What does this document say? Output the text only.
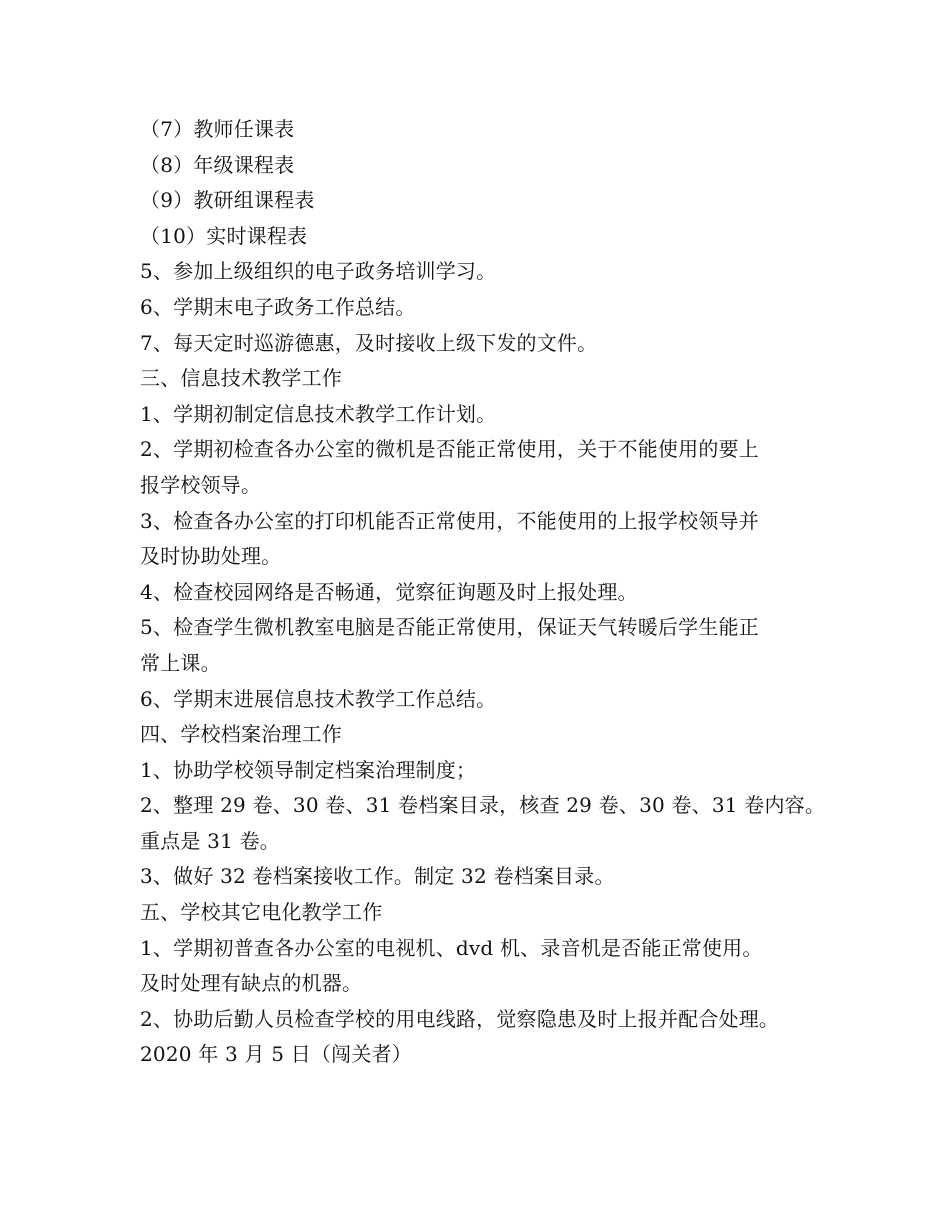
（7）教师任课表
（8）年级课程表
（9）教研组课程表
（10）实时课程表
5、参加上级组织的电子政务培训学习。
6、学期末电子政务工作总结。
7、每天定时巡游德惠，及时接收上级下发的文件。
三、信息技术教学工作
1、学期初制定信息技术教学工作计划。
2、学期初检查各办公室的微机是否能正常使用，关于不能使用的要上
报学校领导。
3、检查各办公室的打印机能否正常使用，不能使用的上报学校领导并
及时协助处理。
4、检查校园网络是否畅通，觉察征询题及时上报处理。
5、检查学生微机教室电脑是否能正常使用，保证天气转暖后学生能正
常上课。
6、学期末进展信息技术教学工作总结。
四、学校档案治理工作
1、协助学校领导制定档案治理制度；
2、整理 29 卷、30 卷、31 卷档案目录，核查 29 卷、30 卷、31 卷内容。
重点是 31 卷。
3、做好 32 卷档案接收工作。制定 32 卷档案目录。
五、学校其它电化教学工作
1、学期初普查各办公室的电视机、dvd 机、录音机是否能正常使用。
及时处理有缺点的机器。
2、协助后勤人员检查学校的用电线路，觉察隐患及时上报并配合处理。
2020 年 3 月 5 日（闯关者）
